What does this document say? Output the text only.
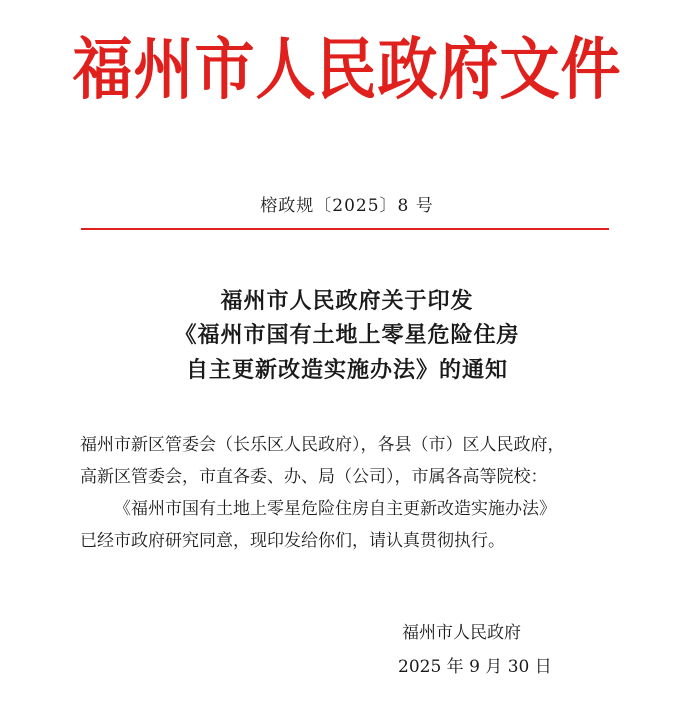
福州市人民政府文件
榕政规〔2025〕8 号
福州市人民政府关于印发
《福州市国有土地上零星危险住房
自主更新改造实施办法》的通知
福州市新区管委会（长乐区人民政府），各县（市）区人民政府，
高新区管委会，市直各委、办、局（公司），市属各高等院校：
《福州市国有土地上零星危险住房自主更新改造实施办法》
已经市政府研究同意，现印发给你们，请认真贯彻执行。
福州市人民政府
2025 年 9 月 30 日
